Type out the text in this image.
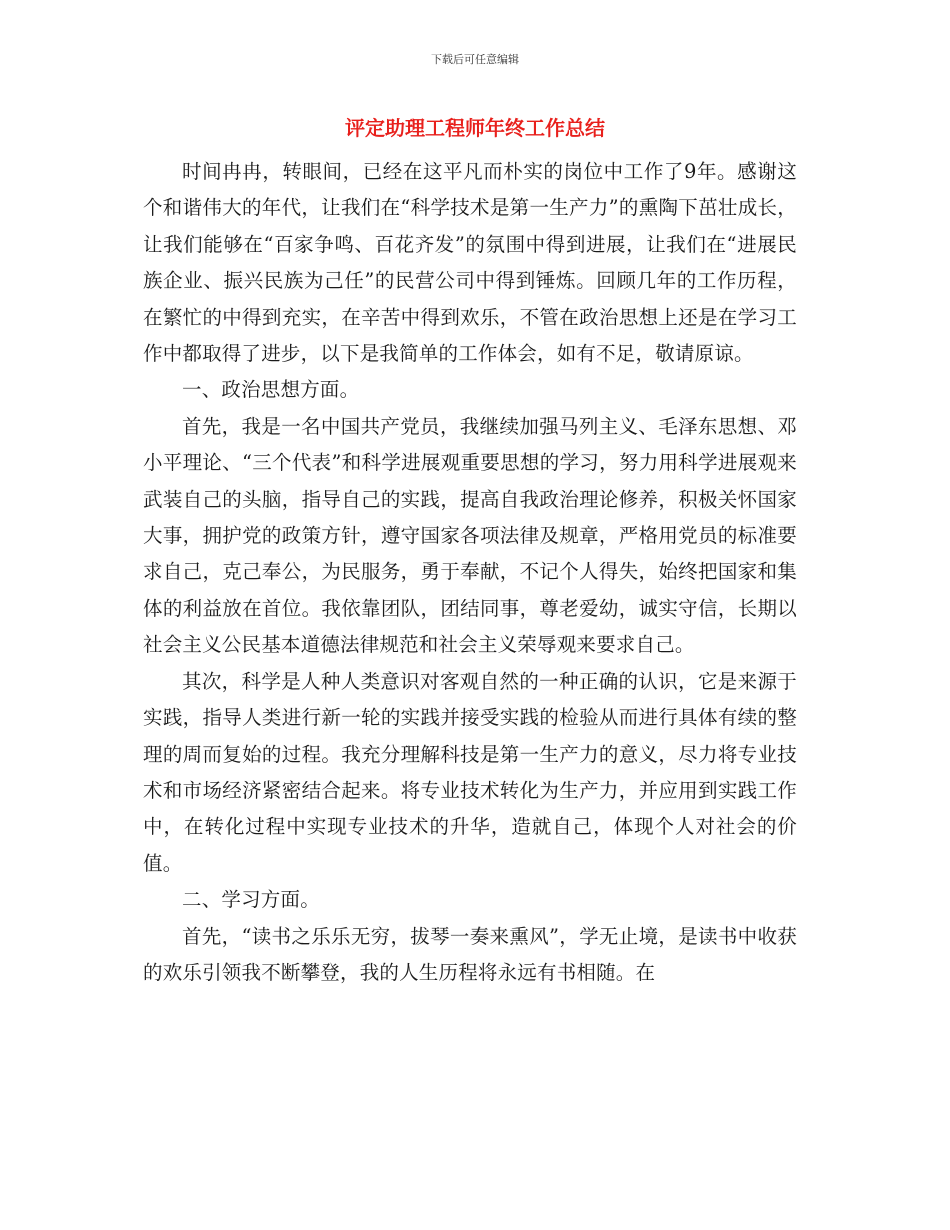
下载后可任意编辑
评定助理工程师年终工作总结

时间冉冉，转眼间，已经在这平凡而朴实的岗位中工作了9年。感谢这个和谐伟大的年代，让我们在“科学技术是第一生产力”的熏陶下茁壮成长，让我们能够在“百家争鸣、百花齐发”的氛围中得到进展，让我们在“进展民族企业、振兴民族为己任”的民营公司中得到锤炼。回顾几年的工作历程，在繁忙的中得到充实，在辛苦中得到欢乐，不管在政治思想上还是在学习工作中都取得了进步，以下是我简单的工作体会，如有不足，敬请原谅。

一、政治思想方面。

首先，我是一名中国共产党员，我继续加强马列主义、毛泽东思想、邓小平理论、“三个代表”和科学进展观重要思想的学习，努力用科学进展观来武装自己的头脑，指导自己的实践，提高自我政治理论修养，积极关怀国家大事，拥护党的政策方针，遵守国家各项法律及规章，严格用党员的标准要求自己，克己奉公，为民服务，勇于奉献，不记个人得失，始终把国家和集体的利益放在首位。我依靠团队，团结同事，尊老爱幼，诚实守信，长期以社会主义公民基本道德法律规范和社会主义荣辱观来要求自己。

其次，科学是人种人类意识对客观自然的一种正确的认识，它是来源于实践，指导人类进行新一轮的实践并接受实践的检验从而进行具体有续的整理的周而复始的过程。我充分理解科技是第一生产力的意义，尽力将专业技术和市场经济紧密结合起来。将专业技术转化为生产力，并应用到实践工作中，在转化过程中实现专业技术的升华，造就自己，体现个人对社会的价值。

二、学习方面。

首先，“读书之乐乐无穷，拔琴一奏来熏风”，学无止境，是读书中收获的欢乐引领我不断攀登，我的人生历程将永远有书相随。在
